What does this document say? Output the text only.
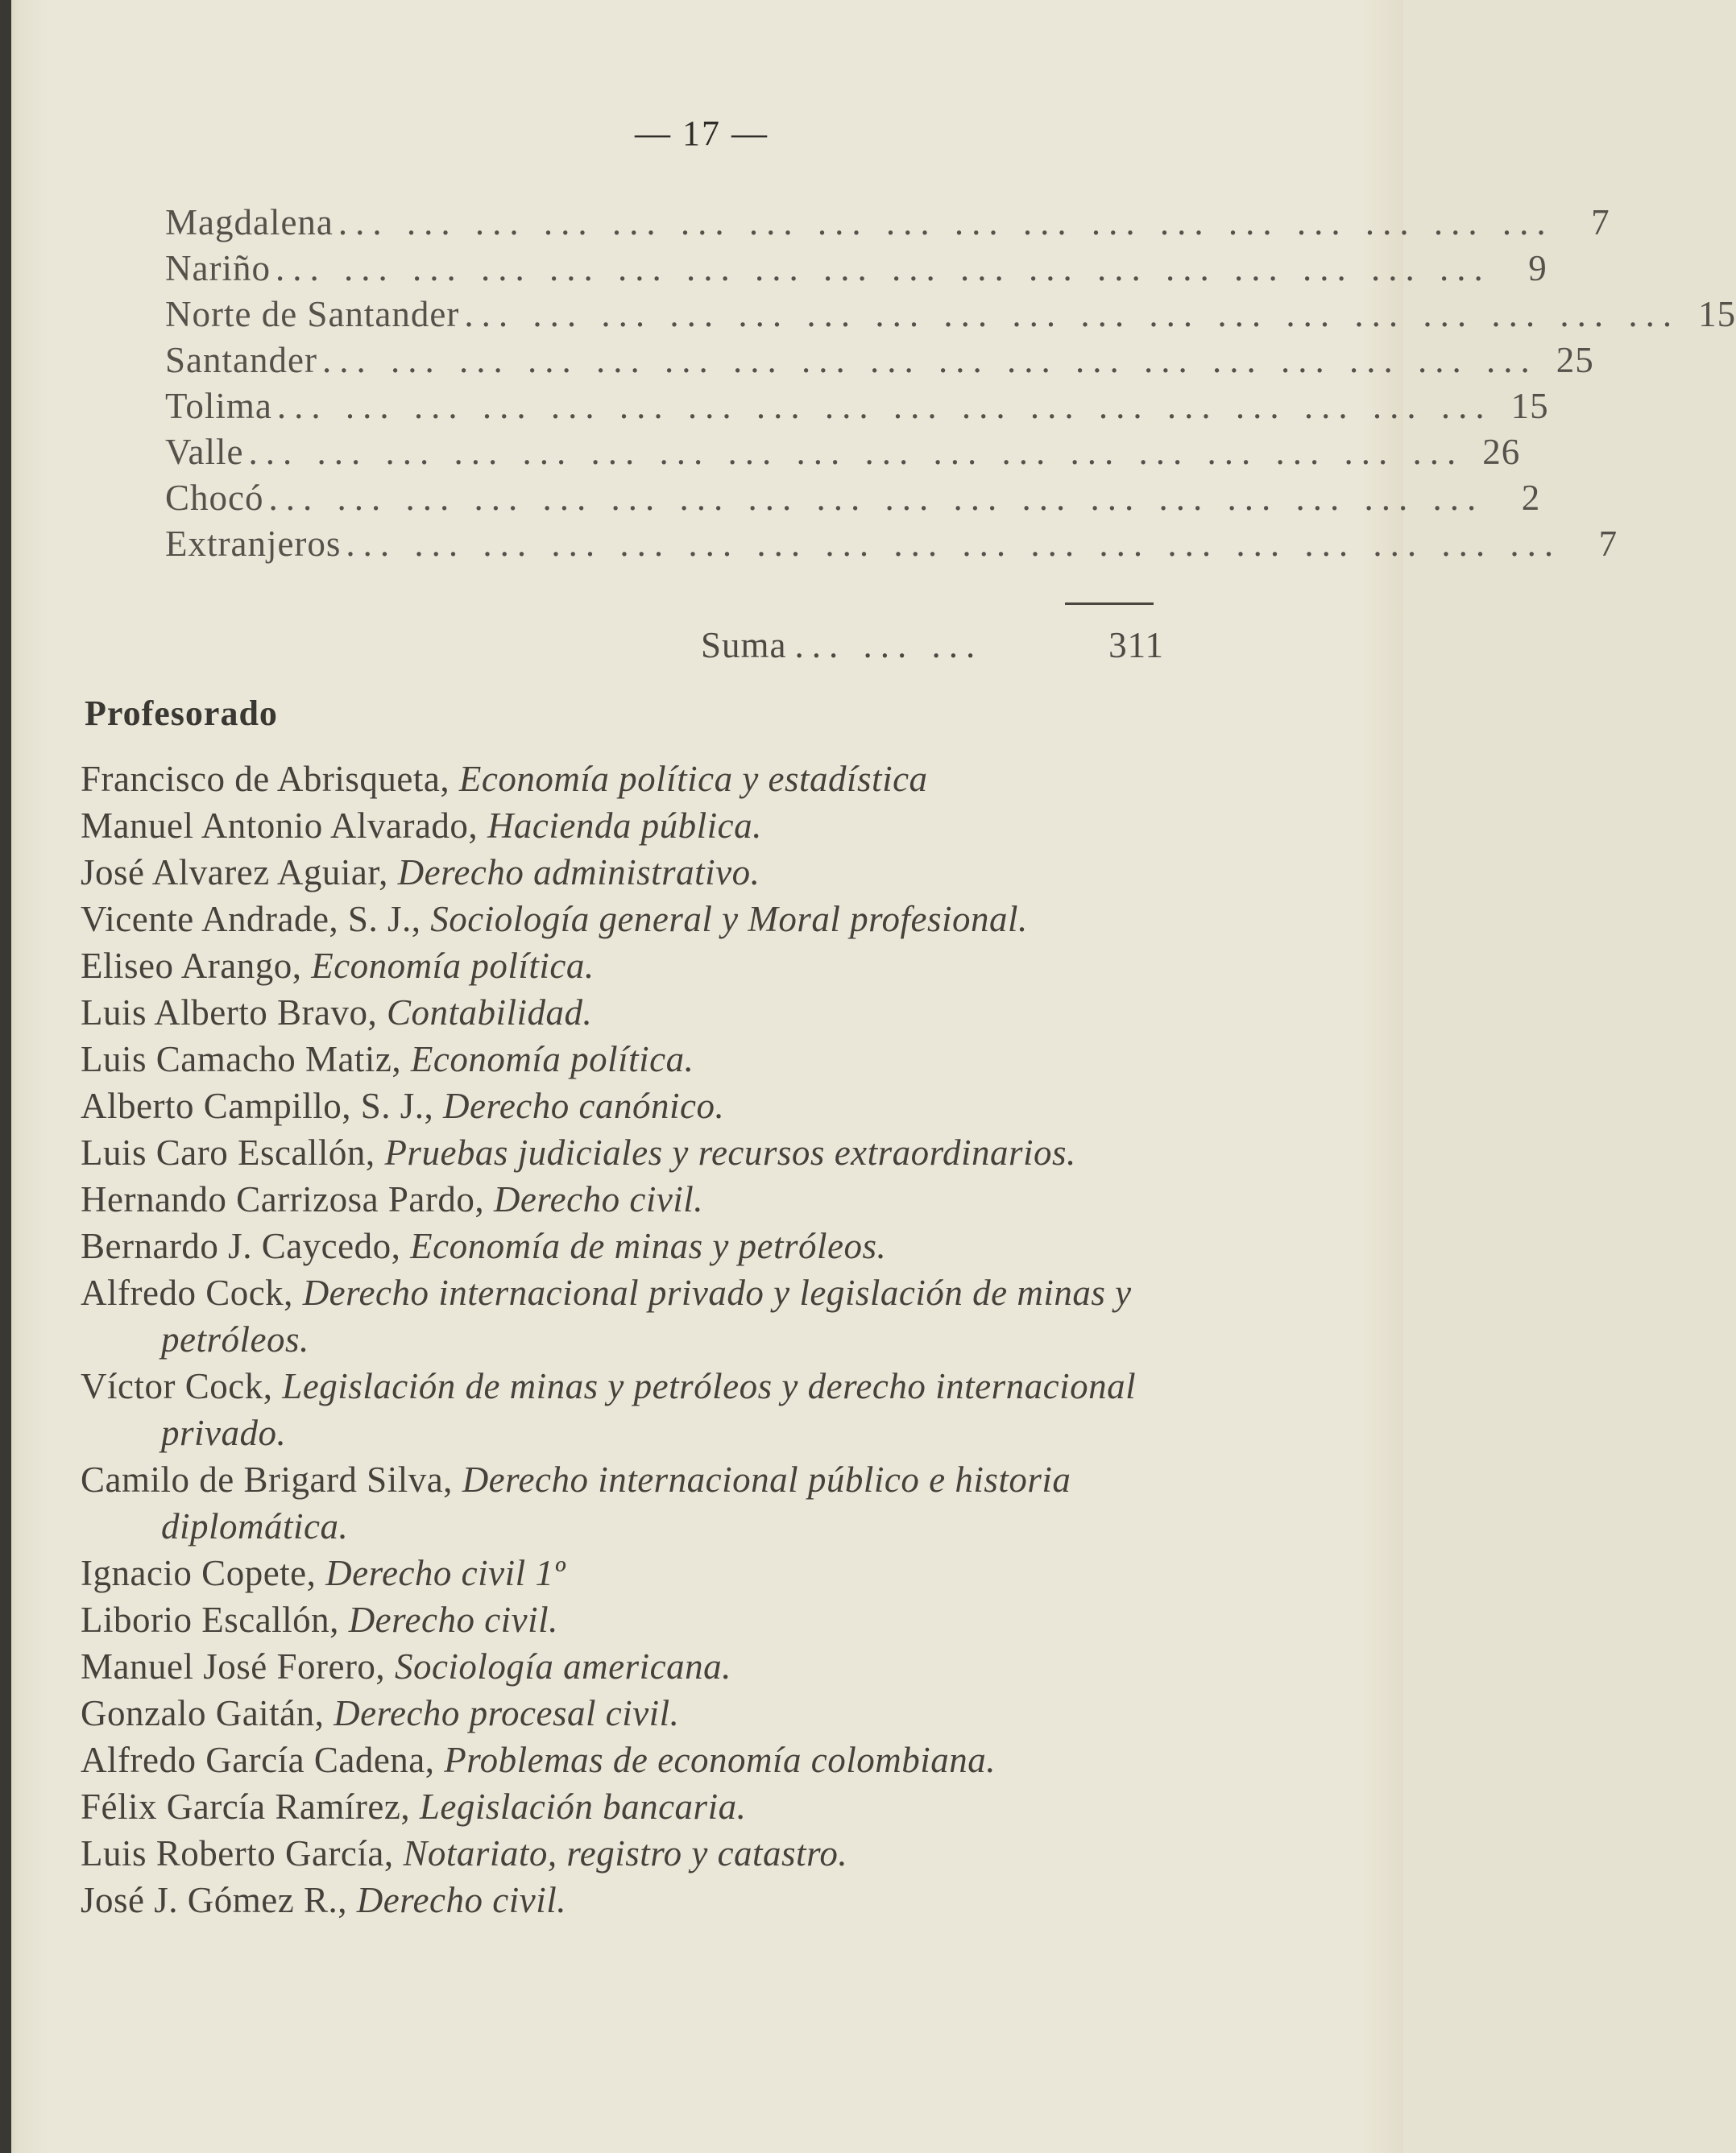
— 17 —
Magdalena ... ... ... ... ... ... ... ... ... ... ... ... ... ... ... ... ... ...	7
Nariño ... ... ... ... ... ... ... ... ... ... ... ... ... ... ... ... ... ...	9
Norte de Santander ... ... ... ... ... ... ... ... ... ... ... ... ... ... ... ... ... ... 15
Santander ... ... ... ... ... ... ... ... ... ... ... ... ... ... ... ... ... ... 25
Tolima ... ... ... ... ... ... ... ... ... ... ... ... ... ... ... ... ... ... 15
Valle ... ... ... ... ... ... ... ... ... ... ... ... ... ... ... ... ... ... 26
Chocó ... ... ... ... ... ... ... ... ... ... ... ... ... ... ... ... ... ...	2
Extranjeros ... ... ... ... ... ... ... ... ... ... ... ... ... ... ... ... ... ...	7
Suma ... ... ...	311
Profesorado
Francisco de Abrisqueta, Economía política y estadística
Manuel Antonio Alvarado, Hacienda pública.
José Alvarez Aguiar, Derecho administrativo.
Vicente Andrade, S. J., Sociología general y Moral profesional.
Eliseo Arango, Economía política.
Luis Alberto Bravo, Contabilidad.
Luis Camacho Matiz, Economía política.
Alberto Campillo, S. J., Derecho canónico.
Luis Caro Escallón, Pruebas judiciales y recursos extraordinarios.
Hernando Carrizosa Pardo, Derecho civil.
Bernardo J. Caycedo, Economía de minas y petróleos.
Alfredo Cock, Derecho internacional privado y legislación de minas y petróleos.
Víctor Cock, Legislación de minas y petróleos y derecho internacional privado.
Camilo de Brigard Silva, Derecho internacional público e historia diplomática.
Ignacio Copete, Derecho civil 1º
Liborio Escallón, Derecho civil.
Manuel José Forero, Sociología americana.
Gonzalo Gaitán, Derecho procesal civil.
Alfredo García Cadena, Problemas de economía colombiana.
Félix García Ramírez, Legislación bancaria.
Luis Roberto García, Notariato, registro y catastro.
José J. Gómez R., Derecho civil.
